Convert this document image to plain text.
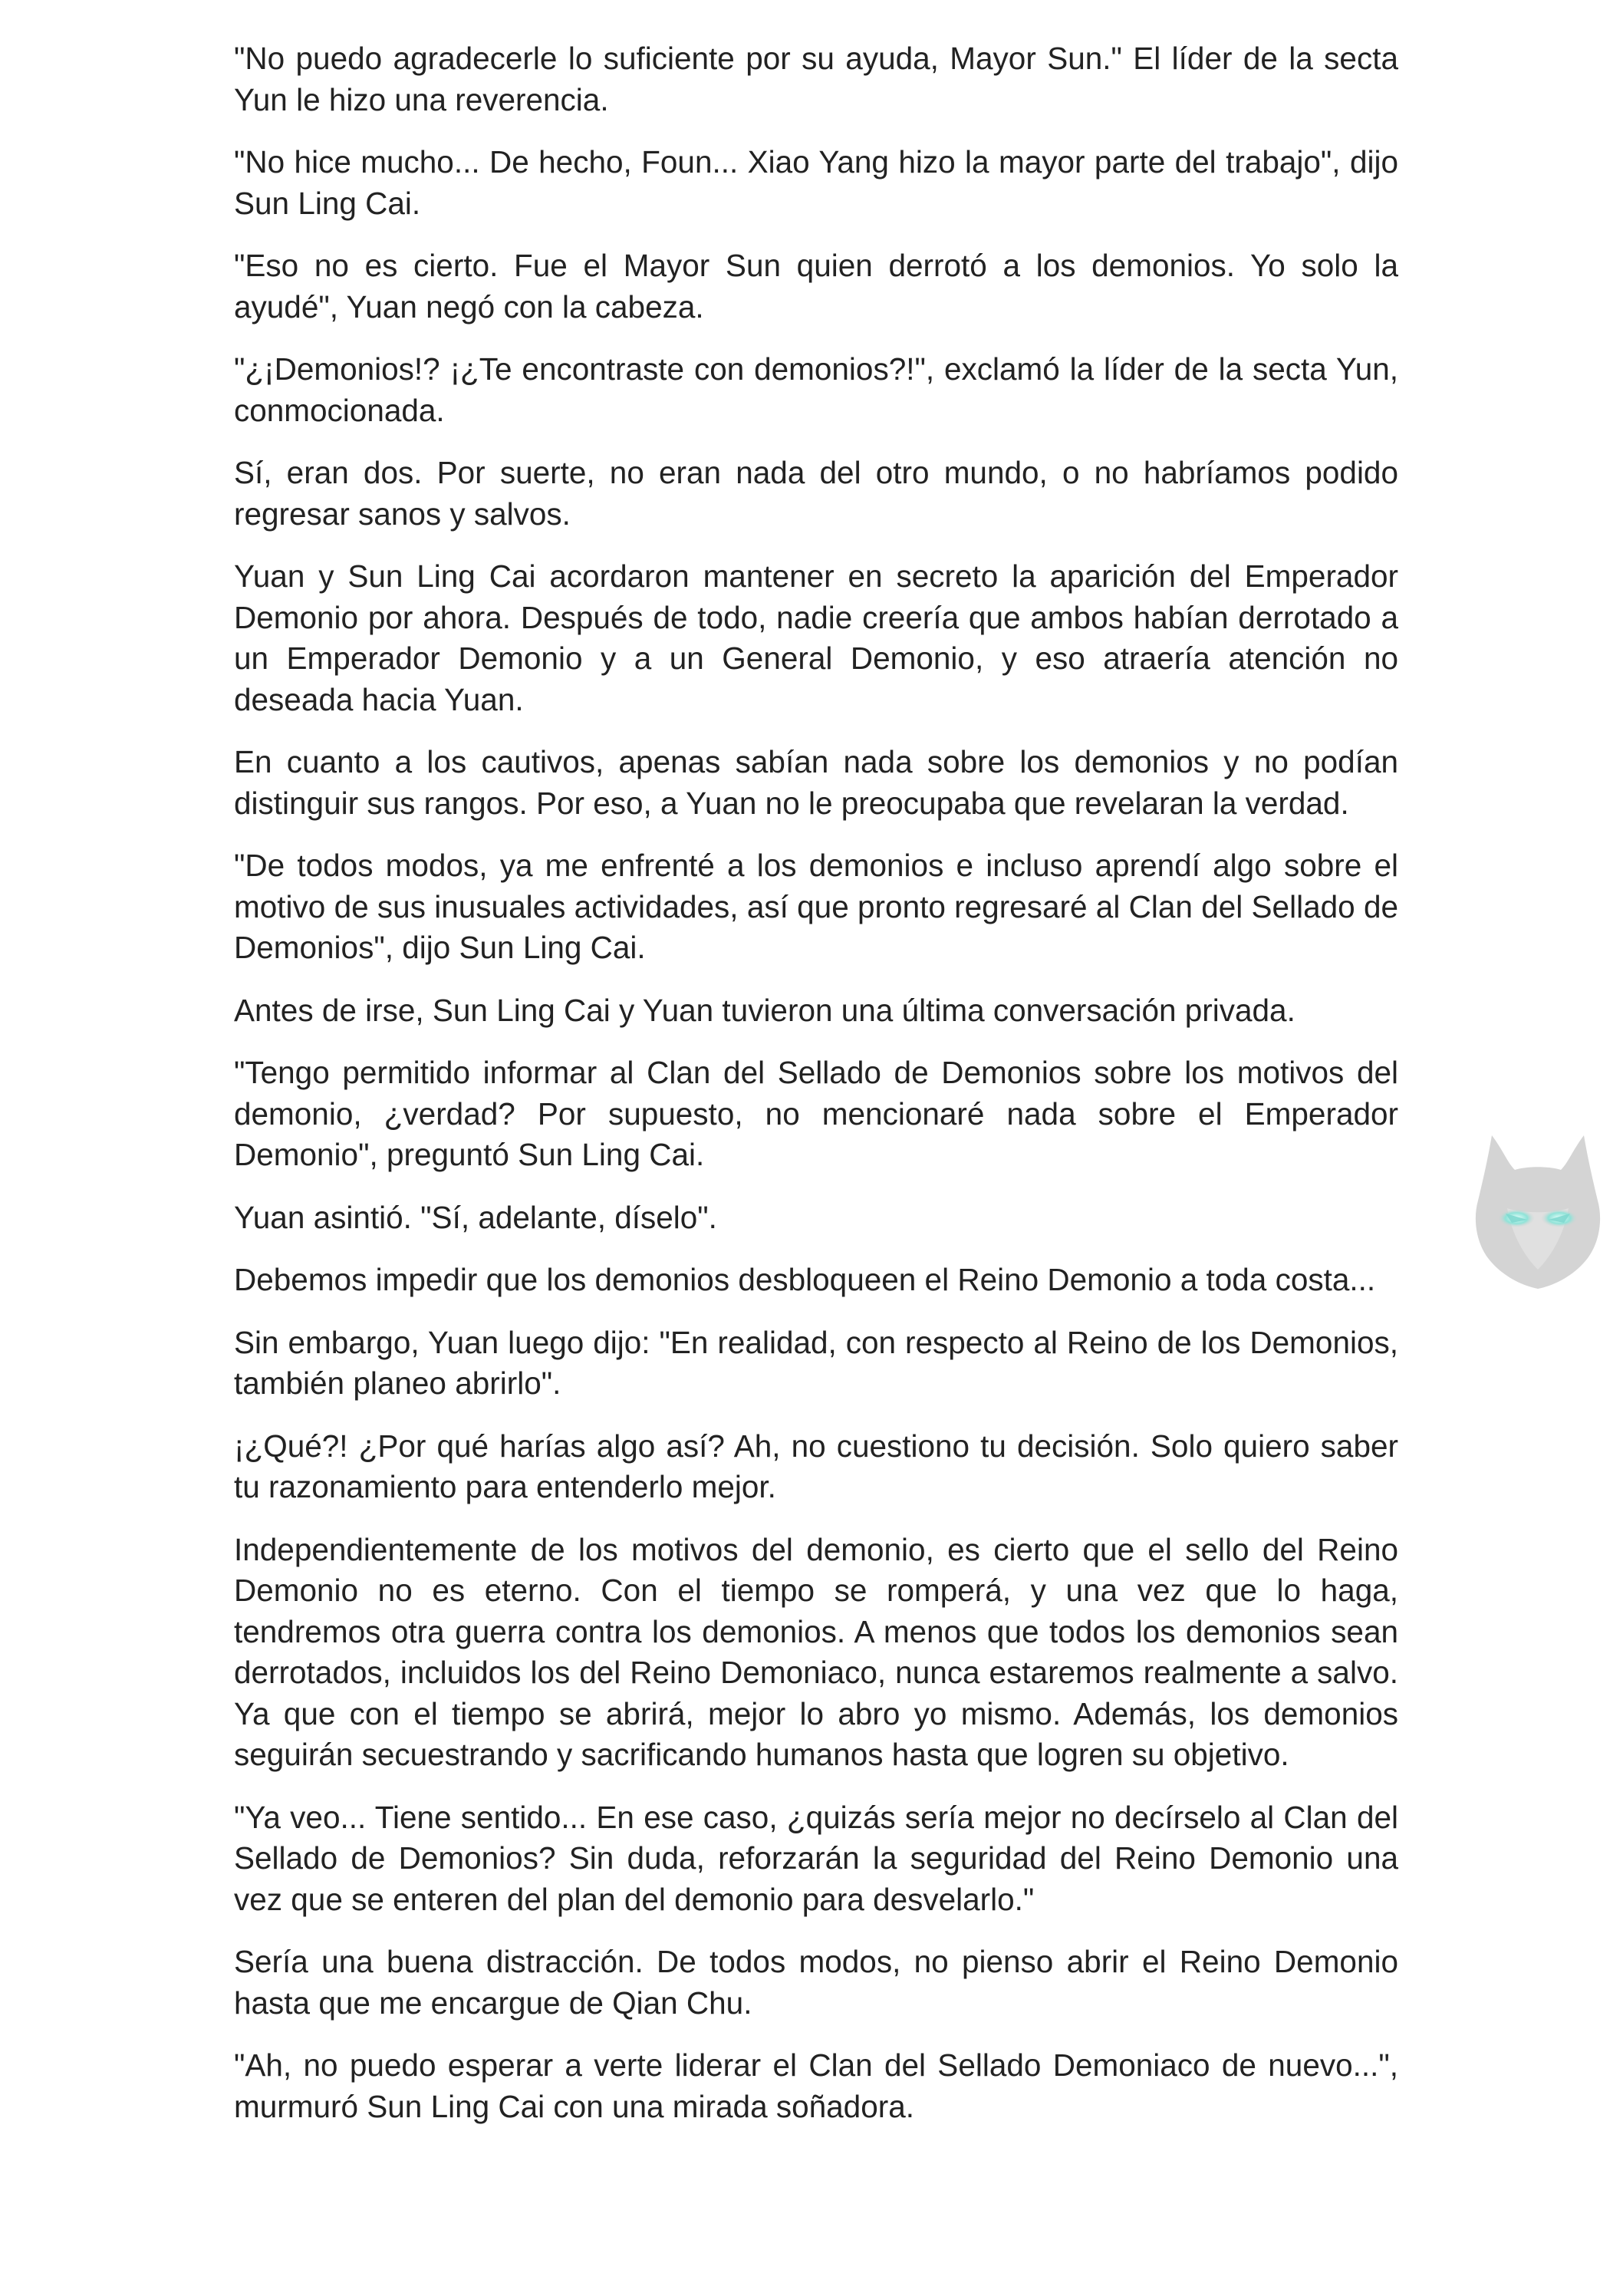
"No puedo agradecerle lo suficiente por su ayuda, Mayor Sun." El líder de la secta Yun le hizo una reverencia.

"No hice mucho... De hecho, Foun... Xiao Yang hizo la mayor parte del trabajo", dijo Sun Ling Cai.

"Eso no es cierto. Fue el Mayor Sun quien derrotó a los demonios. Yo solo la ayudé", Yuan negó con la cabeza.

"¿¡Demonios!? ¡¿Te encontraste con demonios?!", exclamó la líder de la secta Yun, conmocionada.

Sí, eran dos. Por suerte, no eran nada del otro mundo, o no habríamos podido regresar sanos y salvos.

Yuan y Sun Ling Cai acordaron mantener en secreto la aparición del Emperador Demonio por ahora. Después de todo, nadie creería que ambos habían derrotado a un Emperador Demonio y a un General Demonio, y eso atraería atención no deseada hacia Yuan.

En cuanto a los cautivos, apenas sabían nada sobre los demonios y no podían distinguir sus rangos. Por eso, a Yuan no le preocupaba que revelaran la verdad.

"De todos modos, ya me enfrenté a los demonios e incluso aprendí algo sobre el motivo de sus inusuales actividades, así que pronto regresaré al Clan del Sellado de Demonios", dijo Sun Ling Cai.

Antes de irse, Sun Ling Cai y Yuan tuvieron una última conversación privada.

"Tengo permitido informar al Clan del Sellado de Demonios sobre los motivos del demonio, ¿verdad? Por supuesto, no mencionaré nada sobre el Emperador Demonio", preguntó Sun Ling Cai.

Yuan asintió. "Sí, adelante, díselo".

Debemos impedir que los demonios desbloqueen el Reino Demonio a toda costa...

Sin embargo, Yuan luego dijo: "En realidad, con respecto al Reino de los Demonios, también planeo abrirlo".

¡¿Qué?! ¿Por qué harías algo así? Ah, no cuestiono tu decisión. Solo quiero saber tu razonamiento para entenderlo mejor.

Independientemente de los motivos del demonio, es cierto que el sello del Reino Demonio no es eterno. Con el tiempo se romperá, y una vez que lo haga, tendremos otra guerra contra los demonios. A menos que todos los demonios sean derrotados, incluidos los del Reino Demoniaco, nunca estaremos realmente a salvo. Ya que con el tiempo se abrirá, mejor lo abro yo mismo. Además, los demonios seguirán secuestrando y sacrificando humanos hasta que logren su objetivo.

"Ya veo... Tiene sentido... En ese caso, ¿quizás sería mejor no decírselo al Clan del Sellado de Demonios? Sin duda, reforzarán la seguridad del Reino Demonio una vez que se enteren del plan del demonio para desvelarlo."

Sería una buena distracción. De todos modos, no pienso abrir el Reino Demonio hasta que me encargue de Qian Chu.

"Ah, no puedo esperar a verte liderar el Clan del Sellado Demoniaco de nuevo...", murmuró Sun Ling Cai con una mirada soñadora.
